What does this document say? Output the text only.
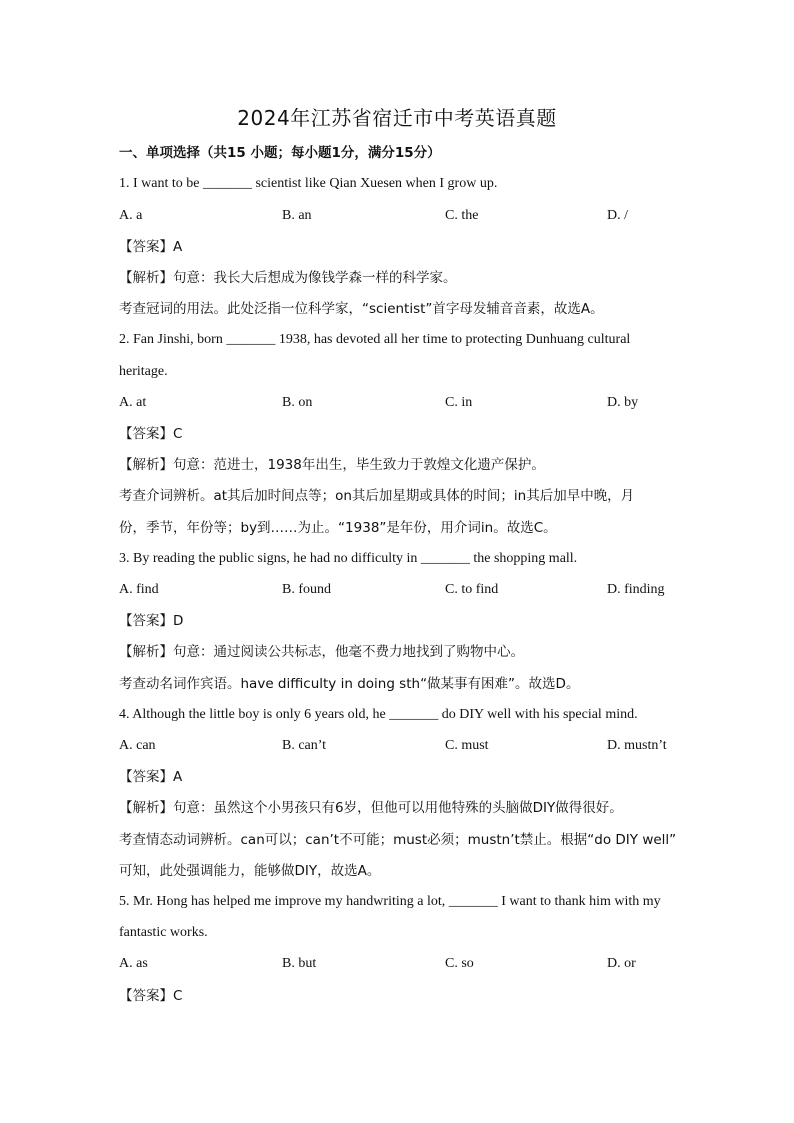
2024年江苏省宿迁市中考英语真题
一、单项选择（共15 小题；每小题1分，满分15分）
1. I want to be _______ scientist like Qian Xuesen when I grow up.
A. a	B. an	C. the	D. /
【答案】A
【解析】句意：我长大后想成为像钱学森一样的科学家。
考查冠词的用法。此处泛指一位科学家，“scientist”首字母发辅音音素，故选A。
2. Fan Jinshi, born _______ 1938, has devoted all her time to protecting Dunhuang cultural
heritage.
A. at	B. on	C. in	D. by
【答案】C
【解析】句意：范进士，1938年出生，毕生致力于敦煌文化遗产保护。
考查介词辨析。at其后加时间点等；on其后加星期或具体的时间；in其后加早中晚，月
份，季节，年份等；by到……为止。“1938”是年份，用介词in。故选C。
3. By reading the public signs, he had no difficulty in _______ the shopping mall.
A. find	B. found	C. to find	D. finding
【答案】D
【解析】句意：通过阅读公共标志，他毫不费力地找到了购物中心。
考查动名词作宾语。have difficulty in doing sth“做某事有困难”。故选D。
4. Although the little boy is only 6 years old, he _______ do DIY well with his special mind.
A. can	B. can’t	C. must	D. mustn’t
【答案】A
【解析】句意：虽然这个小男孩只有6岁，但他可以用他特殊的头脑做DIY做得很好。
考查情态动词辨析。can可以；can’t不可能；must必须；mustn’t禁止。根据“do DIY well”
可知，此处强调能力，能够做DIY，故选A。
5. Mr. Hong has helped me improve my handwriting a lot, _______ I want to thank him with my
fantastic works.
A. as	B. but	C. so	D. or
【答案】C
